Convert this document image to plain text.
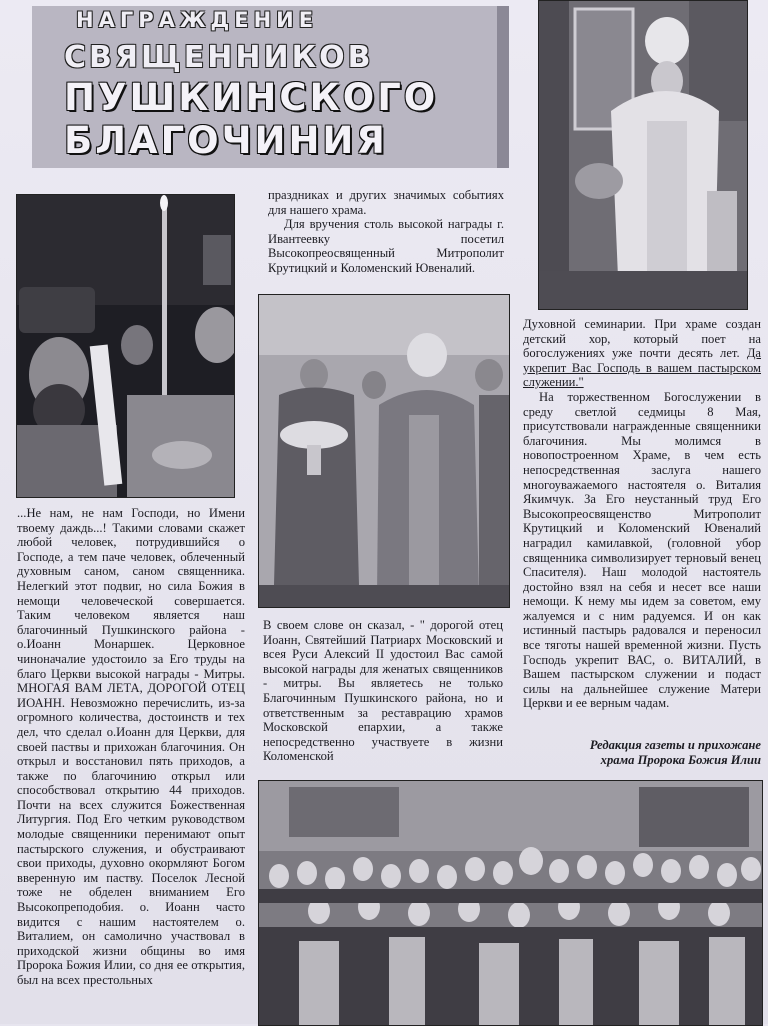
НАГРАЖДЕНИЕ
СВЯЩЕННИКОВ
ПУШКИНСКОГО
БЛАГОЧИНИЯ

...Не нам, не нам Господи, но Имени твоему даждь...! Такими словами скажет любой человек, потрудившийся о Господе, а тем паче человек, облеченный духовным саном, саном священника. Нелегкий этот подвиг, но сила Божия в немощи человеческой совершается. Таким человеком является наш благочинный Пушкинского района - о.Иоанн Монаршек. Церковное чиноначалие удостоило за Его труды на благо Церкви высокой награды - Митры. МНОГАЯ ВАМ ЛЕТА, ДОРОГОЙ ОТЕЦ ИОАНН. Невозможно перечислить, из-за огромного количества, достоинств и тех дел, что сделал о.Иоанн для Церкви, для своей паствы и прихожан благочиния. Он открыл и восстановил пять приходов, а также по благочинию открыл или способствовал открытию 44 приходов. Почти на всех служится Божественная Литургия. Под Его четким руководством молодые священники перенимают опыт пастырского служения, и обустраивают свои приходы, духовно окормляют Богом вверенную им паству. Поселок Лесной тоже не обделен вниманием Его Высокопреподобия. о. Иоанн часто видится с нашим настоятелем о. Виталием, он самолично участвовал в приходской жизни общины во имя Пророка Божия Илии, со дня ее открытия, был на всех престольных

праздниках и других значимых событиях для нашего храма.

Для вручения столь высокой награды г. Ивантеевку посетил Высокопреосвященный Митрополит Крутицкий и Коломенский Ювеналий.

В своем слове он сказал, - " дорогой отец Иоанн, Святейший Патриарх Московский и всея Руси Алексий II удостоил Вас самой высокой награды для женатых священников - митры. Вы являетесь не только Благочинным Пушкинского района, но и ответственным за реставрацию храмов Московской епархии, а также непосредственно участвуете в жизни Коломенской

Духовной семинарии. При храме создан детский хор, который поет на богослужениях уже почти десять лет. Да укрепит Вас Господь в вашем пастырском служении."

На торжественном Богослужении в среду светлой седмицы 8 Мая, присутствовали награжденные священники благочиния. Мы молимся в новопостроенном Храме, в чем есть непосредственная заслуга нашего многоуважаемого настоятеля о. Виталия Якимчук. За Его неустанный труд Его Высокопреосвященство Митрополит Крутицкий и Коломенский Ювеналий наградил камилавкой, (головной убор священника символизирует терновый венец Спасителя). Наш молодой настоятель достойно взял на себя и несет все наши немощи. К нему мы идем за советом, ему жалуемся и с ним радуемся. И он как истинный пастырь радовался и переносил все тяготы нашей временной жизни. Пусть Господь укрепит ВАС, о. ВИТАЛИЙ, в Вашем пастырском служении и подаст силы на дальнейшее служение Матери Церкви и ее верным чадам.

Редакция газеты и прихожане
храма Пророка Божия Илии
